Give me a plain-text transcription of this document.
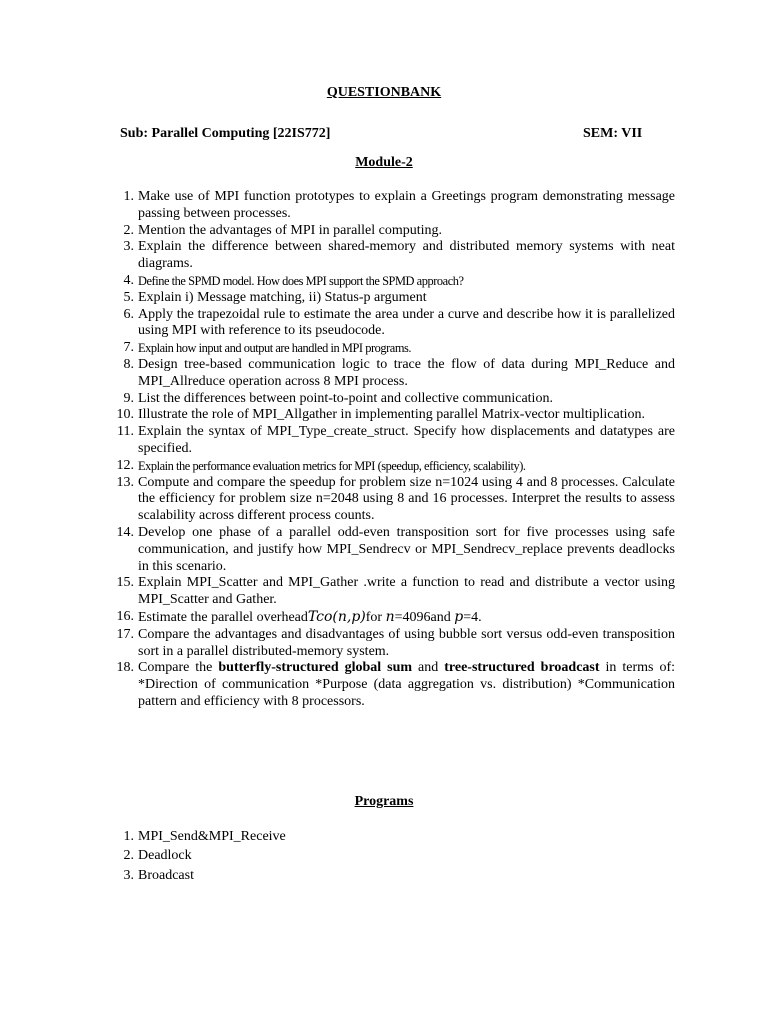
QUESTIONBANK
Sub: Parallel Computing [22IS772]	SEM: VII
Module-2
1. Make use of MPI function prototypes to explain a Greetings program demonstrating message passing between processes.
2. Mention the advantages of MPI in parallel computing.
3. Explain the difference between shared-memory and distributed memory systems with neat diagrams.
4. Define the SPMD model. How does MPI support the SPMD approach?
5. Explain i) Message matching, ii) Status-p argument
6. Apply the trapezoidal rule to estimate the area under a curve and describe how it is parallelized using MPI with reference to its pseudocode.
7. Explain how input and output are handled in MPI programs.
8. Design tree-based communication logic to trace the flow of data during MPI_Reduce and MPI_Allreduce operation across 8 MPI process.
9. List the differences between point-to-point and collective communication.
10. Illustrate the role of MPI_Allgather in implementing parallel Matrix-vector multiplication.
11. Explain the syntax of MPI_Type_create_struct. Specify how displacements and datatypes are specified.
12. Explain the performance evaluation metrics for MPI (speedup, efficiency, scalability).
13. Compute and compare the speedup for problem size n=1024 using 4 and 8 processes. Calculate the efficiency for problem size n=2048 using 8 and 16 processes. Interpret the results to assess scalability across different process counts.
14. Develop one phase of a parallel odd-even transposition sort for five processes using safe communication, and justify how MPI_Sendrecv or MPI_Sendrecv_replace prevents deadlocks in this scenario.
15. Explain MPI_Scatter and MPI_Gather .write a function to read and distribute a vector using MPI_Scatter and Gather.
16. Estimate the parallel overheadTco(n,p)for n=4096and p=4.
17. Compare the advantages and disadvantages of using bubble sort versus odd-even transposition sort in a parallel distributed-memory system.
18. Compare the butterfly-structured global sum and tree-structured broadcast in terms of: *Direction of communication *Purpose (data aggregation vs. distribution) *Communication pattern and efficiency with 8 processors.
Programs
1. MPI_Send&MPI_Receive
2. Deadlock
3. Broadcast
